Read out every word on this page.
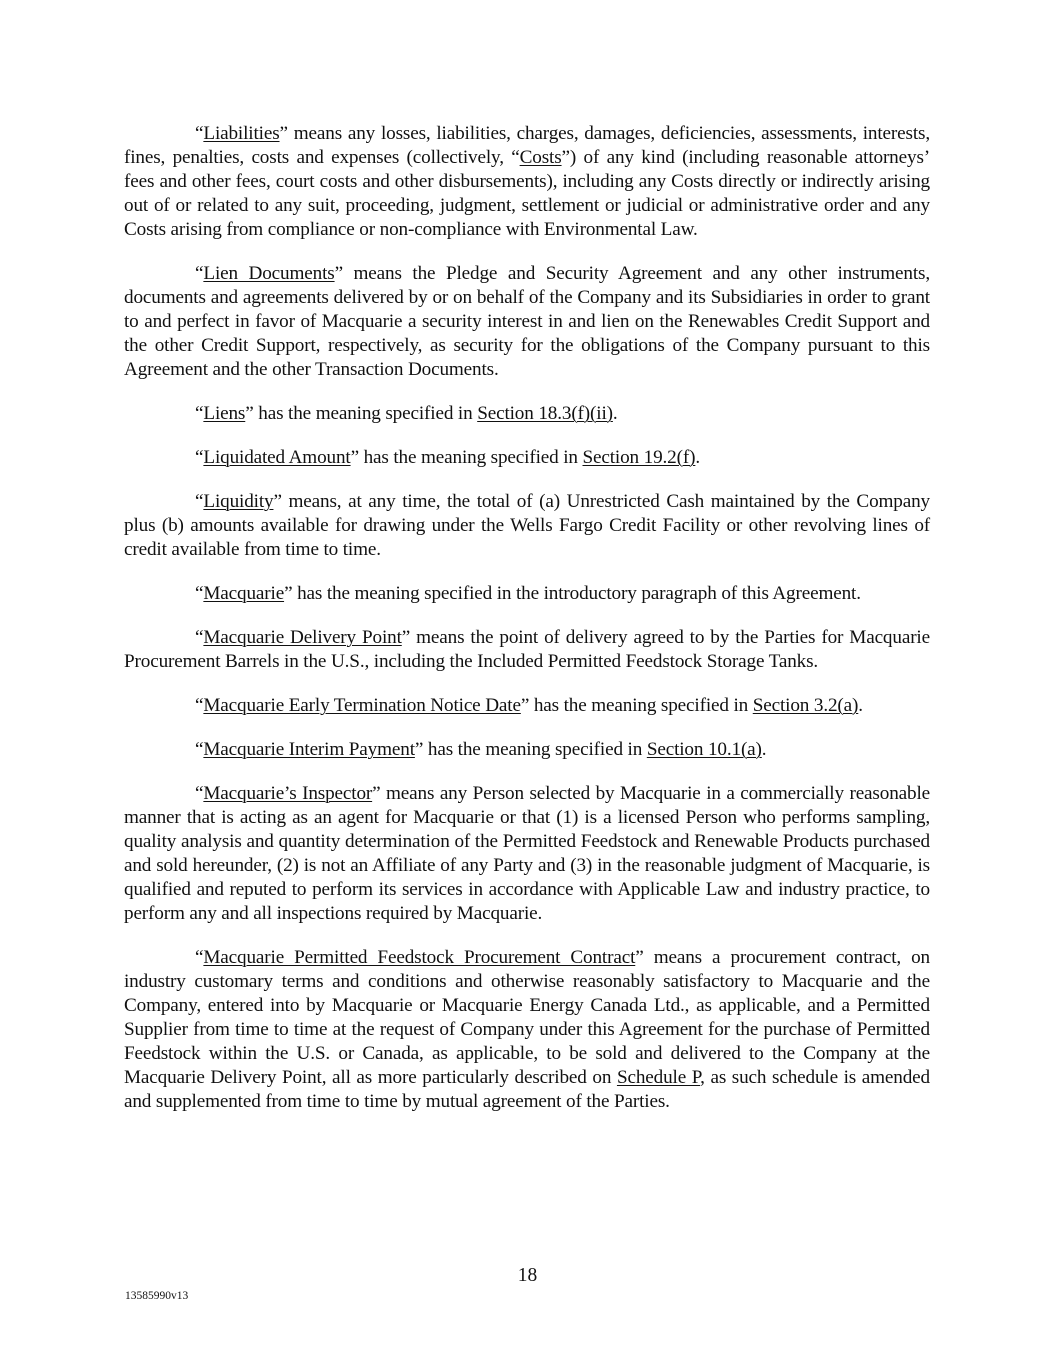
“Liabilities” means any losses, liabilities, charges, damages, deficiencies, assessments, interests, fines, penalties, costs and expenses (collectively, “Costs”) of any kind (including reasonable attorneys’ fees and other fees, court costs and other disbursements), including any Costs directly or indirectly arising out of or related to any suit, proceeding, judgment, settlement or judicial or administrative order and any Costs arising from compliance or non-compliance with Environmental Law.

“Lien Documents” means the Pledge and Security Agreement and any other instruments, documents and agreements delivered by or on behalf of the Company and its Subsidiaries in order to grant to and perfect in favor of Macquarie a security interest in and lien on the Renewables Credit Support and the other Credit Support, respectively, as security for the obligations of the Company pursuant to this Agreement and the other Transaction Documents.

“Liens” has the meaning specified in Section 18.3(f)(ii).

“Liquidated Amount” has the meaning specified in Section 19.2(f).

“Liquidity” means, at any time, the total of (a) Unrestricted Cash maintained by the Company plus (b) amounts available for drawing under the Wells Fargo Credit Facility or other revolving lines of credit available from time to time.

“Macquarie” has the meaning specified in the introductory paragraph of this Agreement.

“Macquarie Delivery Point” means the point of delivery agreed to by the Parties for Macquarie Procurement Barrels in the U.S., including the Included Permitted Feedstock Storage Tanks.

“Macquarie Early Termination Notice Date” has the meaning specified in Section 3.2(a).

“Macquarie Interim Payment” has the meaning specified in Section 10.1(a).

“Macquarie’s Inspector” means any Person selected by Macquarie in a commercially reasonable manner that is acting as an agent for Macquarie or that (1) is a licensed Person who performs sampling, quality analysis and quantity determination of the Permitted Feedstock and Renewable Products purchased and sold hereunder, (2) is not an Affiliate of any Party and (3) in the reasonable judgment of Macquarie, is qualified and reputed to perform its services in accordance with Applicable Law and industry practice, to perform any and all inspections required by Macquarie.

“Macquarie Permitted Feedstock Procurement Contract” means a procurement contract, on industry customary terms and conditions and otherwise reasonably satisfactory to Macquarie and the Company, entered into by Macquarie or Macquarie Energy Canada Ltd., as applicable, and a Permitted Supplier from time to time at the request of Company under this Agreement for the purchase of Permitted Feedstock within the U.S. or Canada, as applicable, to be sold and delivered to the Company at the Macquarie Delivery Point, all as more particularly described on Schedule P, as such schedule is amended and supplemented from time to time by mutual agreement of the Parties.

18
13585990v13
